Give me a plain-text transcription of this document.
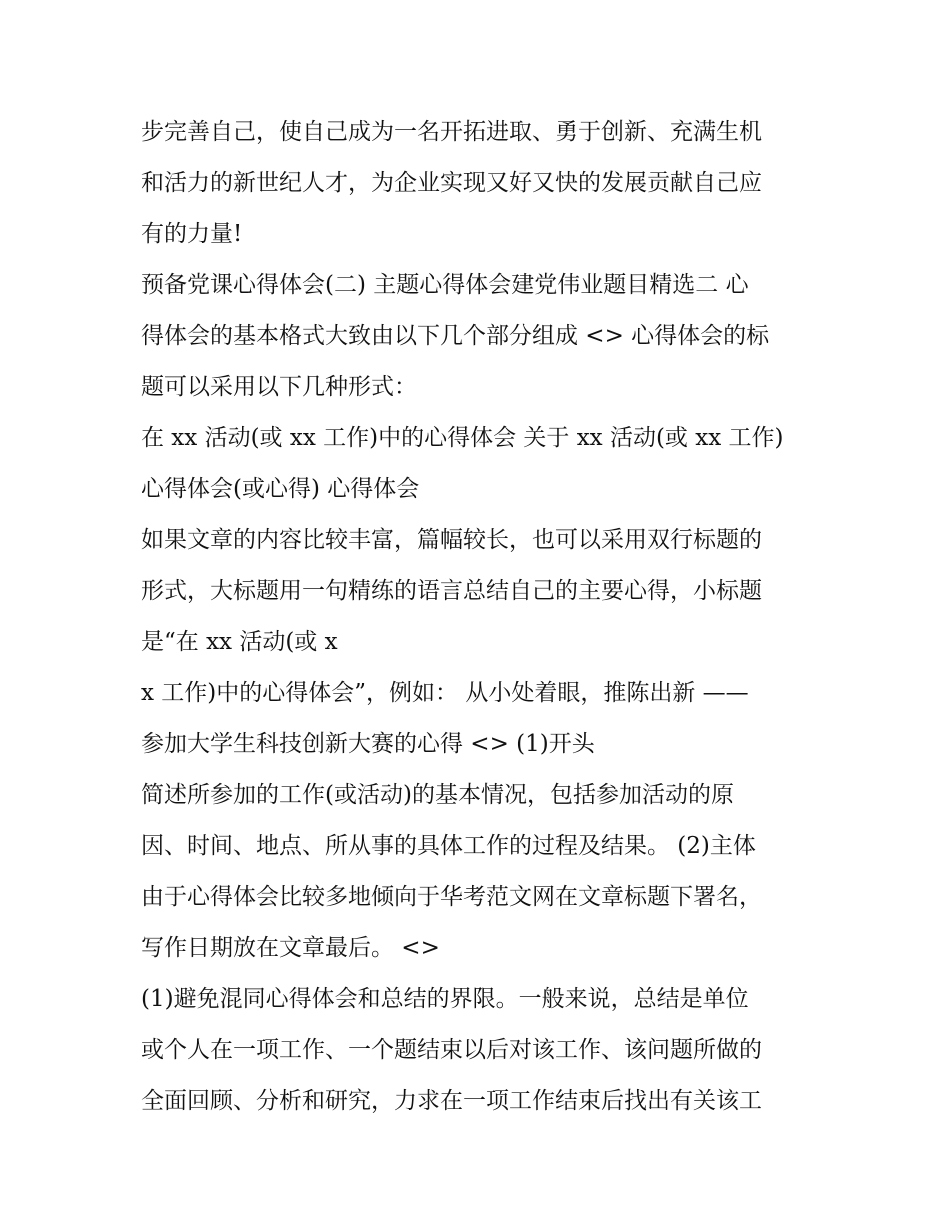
步完善自己，使自己成为一名开拓进取、勇于创新、充满生机
和活力的新世纪人才，为企业实现又好又快的发展贡献自己应
有的力量!
预备党课心得体会(二) 主题心得体会建党伟业题目精选二 心
得体会的基本格式大致由以下几个部分组成 <> 心得体会的标
题可以采用以下几种形式：
在 xx 活动(或 xx 工作)中的心得体会 关于 xx 活动(或 xx 工作)
心得体会(或心得) 心得体会
如果文章的内容比较丰富，篇幅较长，也可以采用双行标题的
形式，大标题用一句精练的语言总结自己的主要心得，小标题
是“在 xx 活动(或 x
x 工作)中的心得体会”，例如： 从小处着眼，推陈出新 ——
参加大学生科技创新大赛的心得 <> (1)开头
简述所参加的工作(或活动)的基本情况，包括参加活动的原
因、时间、地点、所从事的具体工作的过程及结果。 (2)主体
由于心得体会比较多地倾向于华考范文网在文章标题下署名，
写作日期放在文章最后。 <>
(1)避免混同心得体会和总结的界限。一般来说，总结是单位
或个人在一项工作、一个题结束以后对该工作、该问题所做的
全面回顾、分析和研究，力求在一项工作结束后找出有关该工
